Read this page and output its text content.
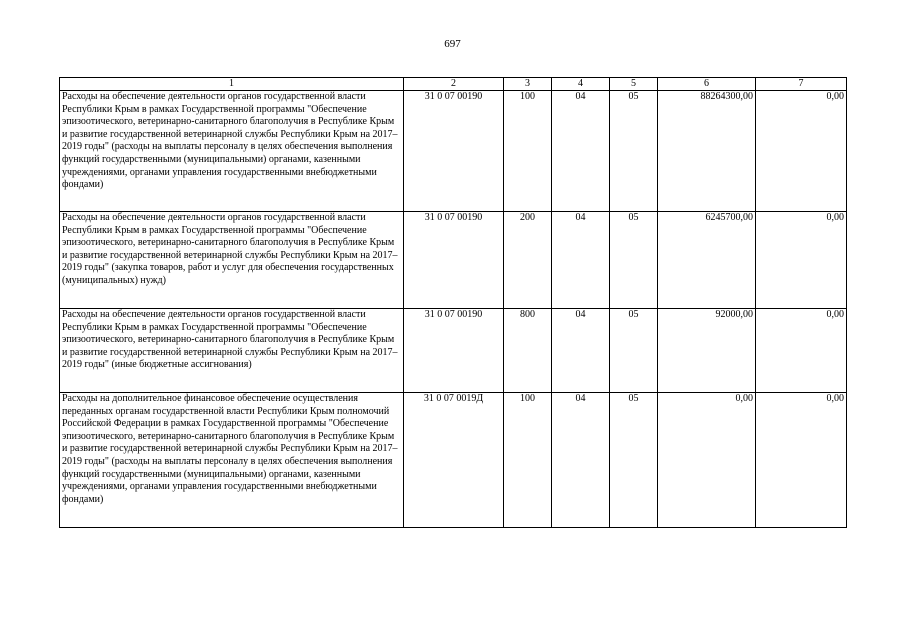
697
1	2	3	4	5	6	7
Расходы на обеспечение деятельности органов государственной власти Республики Крым в рамках Государственной программы "Обеспечение эпизоотического, ветеринарно-санитарного благополучия в Республике Крым и развитие государственной ветеринарной службы Республики Крым на 2017–2019 годы" (расходы на выплаты персоналу в целях обеспечения выполнения функций государственными (муниципальными) органами, казенными учреждениями, органами управления государственными внебюджетными фондами)	31 0 07 00190	100	04	05	88264300,00	0,00
Расходы на обеспечение деятельности органов государственной власти Республики Крым в рамках Государственной программы "Обеспечение эпизоотического, ветеринарно-санитарного благополучия в Республике Крым и развитие государственной ветеринарной службы Республики Крым на 2017–2019 годы" (закупка товаров, работ и услуг для обеспечения государственных (муниципальных) нужд)	31 0 07 00190	200	04	05	6245700,00	0,00
Расходы на обеспечение деятельности органов государственной власти Республики Крым в рамках Государственной программы "Обеспечение эпизоотического, ветеринарно-санитарного благополучия в Республике Крым и развитие государственной ветеринарной службы Республики Крым на 2017–2019 годы" (иные бюджетные ассигнования)	31 0 07 00190	800	04	05	92000,00	0,00
Расходы на дополнительное финансовое обеспечение осуществления переданных органам государственной власти Республики Крым полномочий Российской Федерации в рамках Государственной программы "Обеспечение эпизоотического, ветеринарно-санитарного благополучия в Республике Крым и развитие государственной ветеринарной службы Республики Крым на 2017–2019 годы" (расходы на выплаты персоналу в целях обеспечения выполнения функций государственными (муниципальными) органами, казенными учреждениями, органами управления государственными внебюджетными фондами)	31 0 07 0019Д	100	04	05	0,00	0,00
